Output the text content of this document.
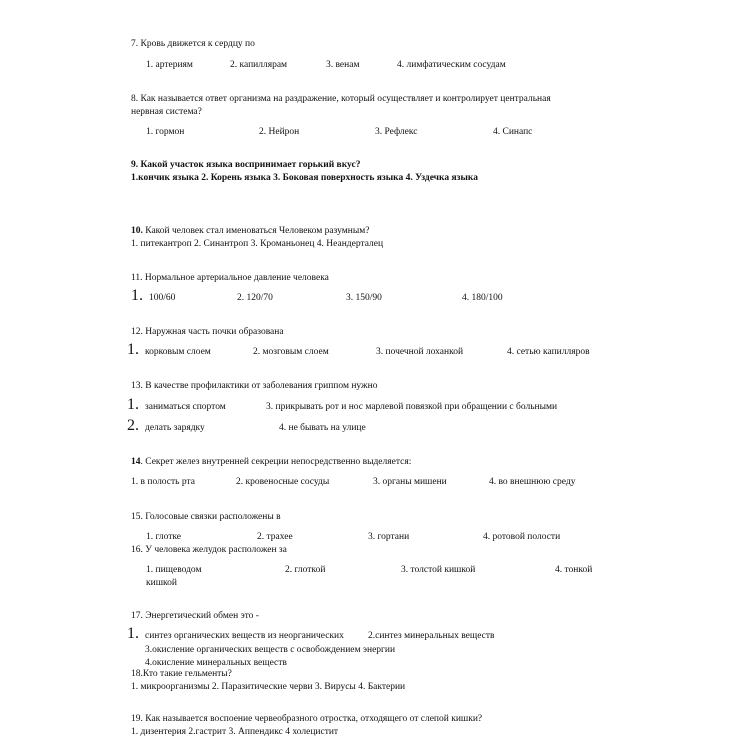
7. Кровь движется к сердцу по
1. артериям	2. капиллярам	3. венам	4. лимфатическим сосудам
8. Как называется ответ организма на раздражение, который осуществляет и контролирует центральная
нервная система?
1. гормон	2. Нейрон	3. Рефлекс	4. Синапс
9. Какой участок языка воспринимает горький вкус?
1.кончик языка 2. Корень языка 3. Боковая поверхность языка 4. Уздечка языка
10. Какой человек стал именоваться Человеком разумным?
1. питекантроп 2. Синантроп 3. Кроманьонец 4. Неандерталец
11. Нормальное артериальное давление человека
1. 100/60	2. 120/70	3. 150/90	4. 180/100
12. Наружная часть почки образована
1. корковым слоем	2. мозговым слоем	3. почечной лоханкой	4. сетью капилляров
13. В качестве профилактики от заболевания гриппом нужно
1. заниматься спортом	3. прикрывать рот и нос марлевой повязкой при обращении с больными
2. делать зарядку	4. не бывать на улице
14. Секрет желез внутренней секреции непосредственно выделяется:
1. в полость рта	2. кровеносные сосуды	3. органы мишени	4. во внешнюю среду
15. Голосовые связки расположены в
1. глотке	2. трахее	3. гортани	4. ротовой полости
16. У человека желудок расположен за
1. пищеводом	2. глоткой	3. толстой кишкой	4. тонкой
кишкой
17. Энергетический обмен это -
1. синтез органических веществ из неорганических	2.синтез минеральных веществ
3.окисление органических веществ с освобождением энергии
4.окисление минеральных веществ
18.Кто такие гельменты?
1. микроорганизмы 2. Паразитические черви 3. Вирусы 4. Бактерии
19. Как называется воспоение червеобразного отростка, отходящего от слепой кишки?
1. дизентерия 2.гастрит 3. Аппендикс 4 холецистит
